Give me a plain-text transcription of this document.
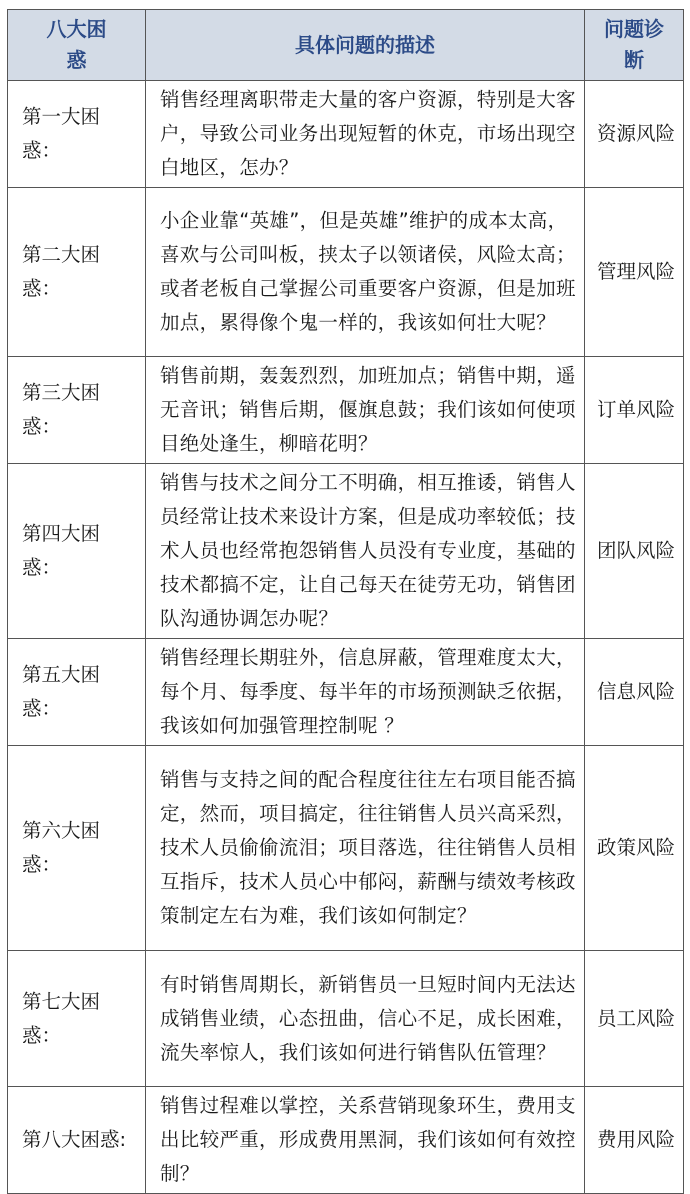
八大困惑	具体问题的描述	问题诊断
第一大困惑：	销售经理离职带走大量的客户资源，特别是大客户，导致公司业务出现短暂的休克，市场出现空白地区，怎办？	资源风险
第二大困惑：	小企业靠“英雄”，但是英雄”维护的成本太高，喜欢与公司叫板，挟太子以领诸侯，风险太高；或者老板自己掌握公司重要客户资源，但是加班加点，累得像个鬼一样的，我该如何壮大呢？	管理风险
第三大困惑：	销售前期，轰轰烈烈，加班加点；销售中期，遥无音讯；销售后期，偃旗息鼓；我们该如何使项目绝处逢生，柳暗花明？	订单风险
第四大困惑：	销售与技术之间分工不明确，相互推诿，销售人员经常让技术来设计方案，但是成功率较低；技术人员也经常抱怨销售人员没有专业度，基础的技术都搞不定，让自己每天在徒劳无功，销售团队沟通协调怎办呢？	团队风险
第五大困惑：	销售经理长期驻外，信息屏蔽，管理难度太大，每个月、每季度、每半年的市场预测缺乏依据，我该如何加强管理控制呢 ？	信息风险
第六大困惑：	销售与支持之间的配合程度往往左右项目能否搞定，然而，项目搞定，往往销售人员兴高采烈，技术人员偷偷流泪；项目落选，往往销售人员相互指斥，技术人员心中郁闷，薪酬与绩效考核政策制定左右为难，我们该如何制定？	政策风险
第七大困惑：	有时销售周期长，新销售员一旦短时间内无法达成销售业绩，心态扭曲，信心不足，成长困难，流失率惊人，我们该如何进行销售队伍管理？	员工风险
第八大困惑:	销售过程难以掌控，关系营销现象环生，费用支出比较严重，形成费用黑洞，我们该如何有效控制？	费用风险
